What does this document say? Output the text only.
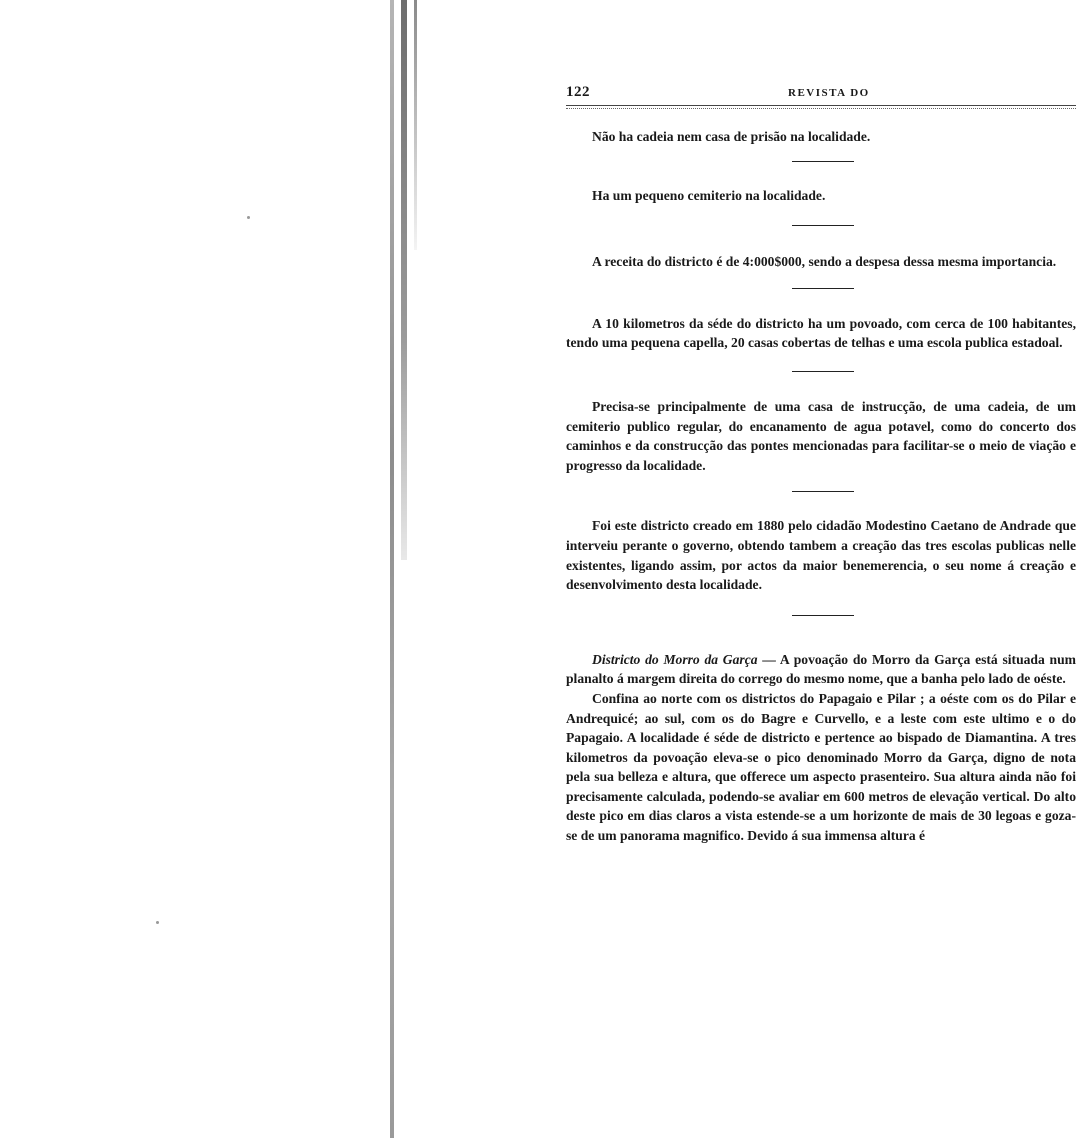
122	REVISTA DO

Não ha cadeia nem casa de prisão na localidade.

Ha um pequeno cemiterio na localidade.

A receita do districto é de 4:000$000, sendo a despesa dessa mesma importancia.

A 10 kilometros da séde do districto ha um povoado, com cerca de 100 habitantes, tendo uma pequena capella, 20 casas cobertas de telhas e uma escola publica estadoal.

Precisa-se principalmente de uma casa de instrucção, de uma cadeia, de um cemiterio publico regular, do encanamento de agua potavel, como do concerto dos caminhos e da construcção das pontes mencionadas para facilitar-se o meio de viação e progresso da localidade.

Foi este districto creado em 1880 pelo cidadão Modestino Caetano de Andrade que interveiu perante o governo, obtendo tambem a creação das tres escolas publicas nelle existentes, ligando assim, por actos da maior benemerencia, o seu nome á creação e desenvolvimento desta localidade.

Districto do Morro da Garça — A povoação do Morro da Garça está situada num planalto á margem direita do corrego do mesmo nome, que a banha pelo lado de oéste.

Confina ao norte com os districtos do Papagaio e Pilar ; a oéste com os do Pilar e Andrequicé; ao sul, com os do Bagre e Curvello, e a leste com este ultimo e o do Papagaio. A localidade é séde de districto e pertence ao bispado de Diamantina. A tres kilometros da povoação eleva-se o pico denominado Morro da Garça, digno de nota pela sua belleza e altura, que offerece um aspecto prasenteiro. Sua altura ainda não foi precisamente calculada, podendo-se avaliar em 600 metros de elevação vertical. Do alto deste pico em dias claros a vista estende-se a um horizonte de mais de 30 legoas e goza-se de um panorama magnifico. Devido á sua immensa altura é
